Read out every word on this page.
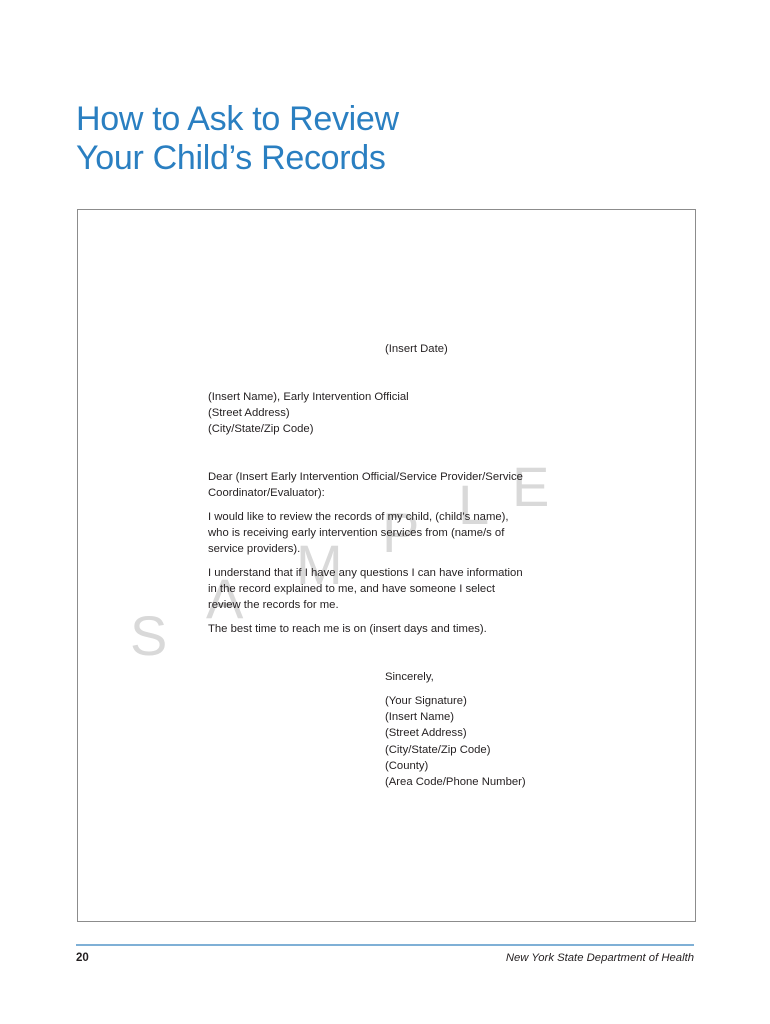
How to Ask to Review
Your Child’s Records
S
A
M
P L E

(Insert Date)

(Insert Name), Early Intervention Official
(Street Address)
(City/State/Zip Code)

Dear (Insert Early Intervention Official/Service Provider/Service
Coordinator/Evaluator):

I would like to review the records of my child, (child’s name),
who is receiving early intervention services from (name/s of
service providers).

I understand that if I have any questions I can have information
in the record explained to me, and have someone I select
review the records for me.

The best time to reach me is on (insert days and times).

Sincerely,

(Your Signature)
(Insert Name)
(Street Address)
(City/State/Zip Code)
(County)
(Area Code/Phone Number)

20	New York State Department of Health
